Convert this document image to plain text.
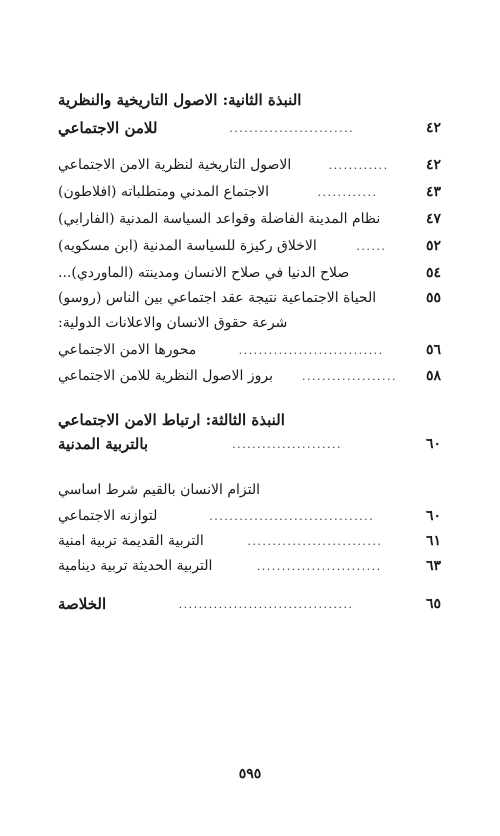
النبذة الثانية: الاصول التاريخية والنظرية
للامن الاجتماعي	.........................	٤٢
الاصول التاريخية لنظرية الامن الاجتماعي	............	٤٢
الاجتماع المدني ومتطلباته (افلاطون)	............	٤٣
نظام المدينة الفاضلة وقواعد السياسة المدنية (الفارابي)	٤٧
الاخلاق ركيزة للسياسة المدنية (ابن مسكويه)	......	٥٢
صلاح الدنيا في صلاح الانسان ومدينته (الماوردي)...	٥٤
الحياة الاجتماعية نتيجة عقد اجتماعي بين الناس (روسو)	٥٥
شرعة حقوق الانسان والاعلانات الدولية:
محورها الامن الاجتماعي	.............................	٥٦
بروز الاصول النظرية للامن الاجتماعي	...................	٥٨
النبذة الثالثة: ارتباط الامن الاجتماعي
بالتربية المدنية	......................	٦٠
التزام الانسان بالقيم شرط اساسي
لتوازنه الاجتماعي	.................................	٦٠
التربية القديمة تربية امنية	...........................	٦١
التربية الحديثة تربية دينامية	.........................	٦٣
الخلاصة	...................................	٦٥
٥٩٥
